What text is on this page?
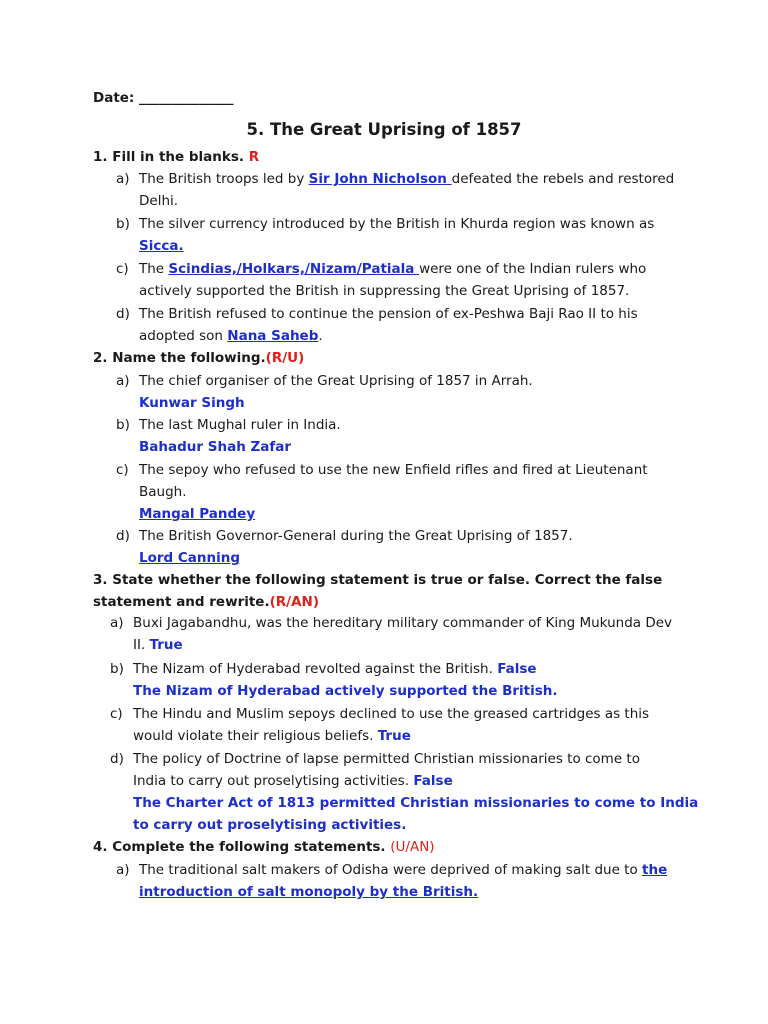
Date: ______________
5. The Great Uprising of 1857
1. Fill in the blanks. R
a) The British troops led by Sir John Nicholson defeated the rebels and restored
Delhi.
b) The silver currency introduced by the British in Khurda region was known as
Sicca.
c) The Scindias,/Holkars,/Nizam/Patiala were one of the Indian rulers who
actively supported the British in suppressing the Great Uprising of 1857.
d) The British refused to continue the pension of ex-Peshwa Baji Rao II to his
adopted son Nana Saheb.
2. Name the following.(R/U)
a) The chief organiser of the Great Uprising of 1857 in Arrah.
Kunwar Singh
b) The last Mughal ruler in India.
Bahadur Shah Zafar
c) The sepoy who refused to use the new Enfield rifles and fired at Lieutenant
Baugh.
Mangal Pandey
d) The British Governor-General during the Great Uprising of 1857.
Lord Canning
3. State whether the following statement is true or false. Correct the false
statement and rewrite.(R/AN)
a) Buxi Jagabandhu, was the hereditary military commander of King Mukunda Dev
II. True
b) The Nizam of Hyderabad revolted against the British. False
The Nizam of Hyderabad actively supported the British.
c) The Hindu and Muslim sepoys declined to use the greased cartridges as this
would violate their religious beliefs. True
d) The policy of Doctrine of lapse permitted Christian missionaries to come to
India to carry out proselytising activities. False
The Charter Act of 1813 permitted Christian missionaries to come to India
to carry out proselytising activities.
4. Complete the following statements. (U/AN)
a) The traditional salt makers of Odisha were deprived of making salt due to the
introduction of salt monopoly by the British.
